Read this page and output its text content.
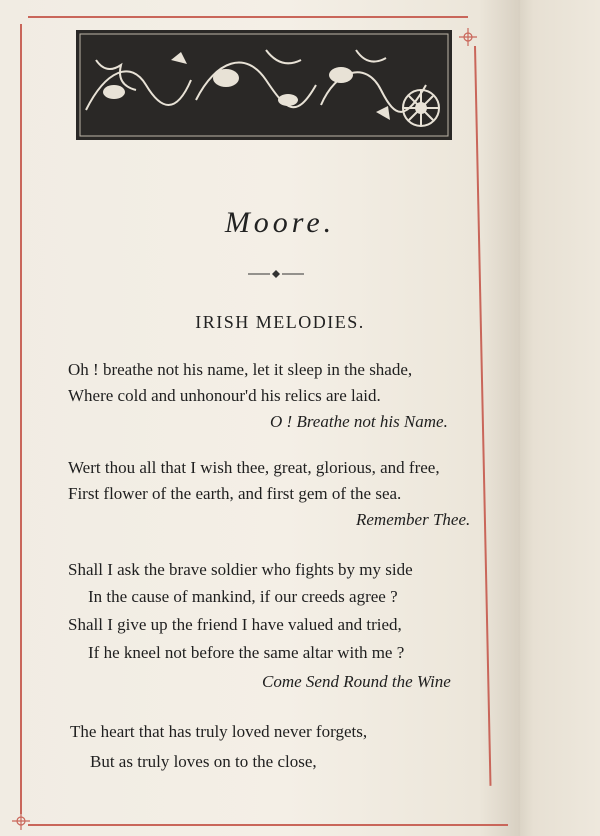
Moore.
IRISH MELODIES.
Oh ! breathe not his name, let it sleep in the shade,
Where cold and unhonour'd his relics are laid.
O ! Breathe not his Name.
Wert thou all that I wish thee, great, glorious, and free,
First flower of the earth, and first gem of the sea.
Remember Thee.
Shall I ask the brave soldier who fights by my side
In the cause of mankind, if our creeds agree ?
Shall I give up the friend I have valued and tried,
If he kneel not before the same altar with me ?
Come Send Round the Wine
The heart that has truly loved never forgets,
But as truly loves on to the close,
